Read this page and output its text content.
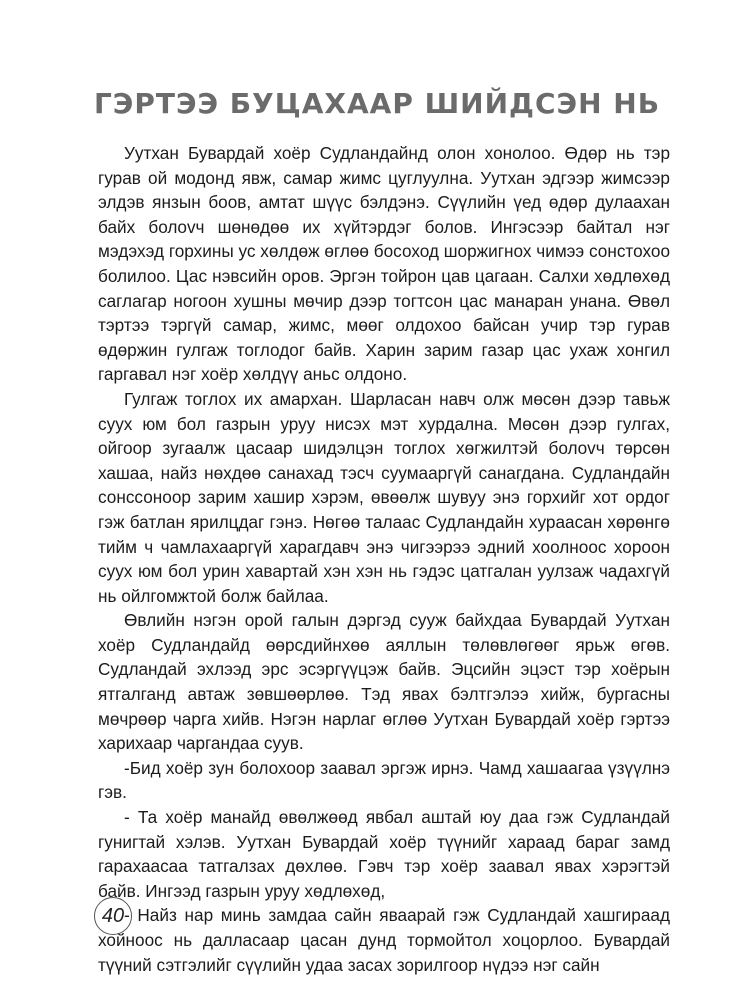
ГЭРТЭЭ БУЦАХААР ШИЙДСЭН НЬ

Уутхан Бувардай хоёр Судландайнд олон хонолоо. Өдөр нь тэр гурав ой модонд явж, самар жимс цуглуулна. Уутхан эдгээр жимсээр элдэв янзын боов, амтат шүүс бэлдэнэ. Сүүлийн үед өдөр дулаахан байх болovч шөнөдөө их хүйтэрдэг болов. Ингэсээр байтал нэг мэдэхэд горхины ус хөлдөж өглөө босоход шоржигнох чимээ сонстохоо болилоо. Цас нэвсийн оров. Эргэн тойрон цав цагаан. Салхи хөдлөхөд саглагар ногоон хушны мөчир дээр тогтсон цас манаран унана. Өвөл тэртээ тэргүй самар, жимс, мөөг олдохоо байсан учир тэр гурав өдөржин гулгаж тоглодог байв. Харин зарим газар цас ухаж хонгил гаргавал нэг хоёр хөлдүү аньс олдоно.

Гулгаж тоглох их амархан. Шарласан навч олж мөсөн дээр тавьж суух юм бол газрын уруу нисэх мэт хурдална. Мөсөн дээр гулгах, ойгоор зугаалж цасаар шидэлцэн тоглох хөгжилтэй болovч төрсөн хашаа, найз нөхдөө санахад тэсч суумааргүй санагдана. Судландайн сонссоноор зарим хашир хэрэм, өвөөлж шувуу энэ горхийг хот ордог гэж батлан ярилцдаг гэнэ. Нөгөө талаас Судландайн хураасан хөрөнгө тийм ч чамлахааргүй харагдавч энэ чигээрээ эдний хоолноос хороон суух юм бол урин хавартай хэн хэн нь гэдэс цатгалан уулзаж чадахгүй нь ойлгомжтой болж байлаа.

Өвлийн нэгэн орой галын дэргэд сууж байхдаа Бувардай Уутхан хоёр Судландайд өөрсдийнхөө аяллын төлөвлөгөөг ярьж өгөв. Судландай эхлээд эрс эсэргүүцэж байв. Эцсийн эцэст тэр хоёрын ятгалганд автаж зөвшөөрлөө. Тэд явах бэлтгэлээ хийж, бургасны мөчрөөр чарга хийв. Нэгэн нарлаг өглөө Уутхан Бувардай хоёр гэртээ харихаар чаргандаа суув.

-Бид хоёр зун болохоор заавал эргэж ирнэ. Чамд хашаагаа үзүүлнэ гэв.

- Та хоёр манайд өвөлжөөд явбал аштай юу даа гэж Судландай гунигтай хэлэв. Уутхан Бувардай хоёр түүнийг хараад бараг замд гарахаасаа татгалзах дөхлөө. Гэвч тэр хоёр заавал явах хэрэгтэй байв. Ингээд газрын уруу хөдлөхөд,

- Найз нар минь замдаа сайн яваарай гэж Судландай хашгираад хойноос нь далласаар цасан дунд тормойтол хоцорлоо. Бувардай түүний сэтгэлийг сүүлийн удаа засах зорилгоор нүдээ нэг сайн

40
